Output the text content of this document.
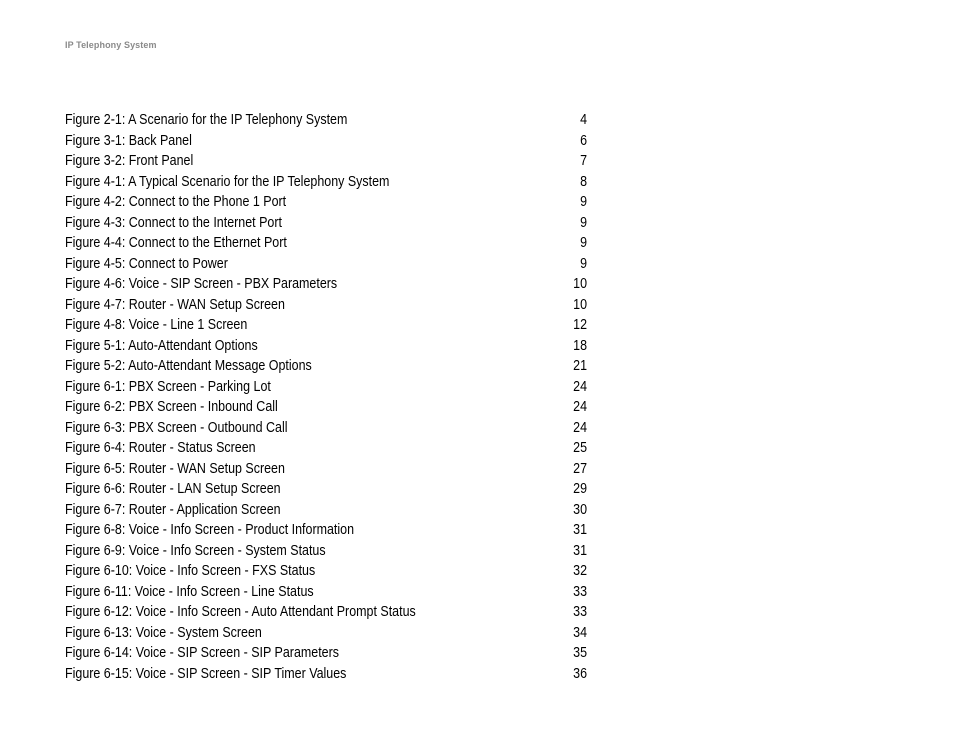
IP Telephony System
Figure 2-1: A Scenario for the IP Telephony System	4
Figure 3-1: Back Panel	6
Figure 3-2: Front Panel	7
Figure 4-1: A Typical Scenario for the IP Telephony System	8
Figure 4-2: Connect to the Phone 1 Port	9
Figure 4-3: Connect to the Internet Port	9
Figure 4-4: Connect to the Ethernet Port	9
Figure 4-5: Connect to Power	9
Figure 4-6: Voice - SIP Screen - PBX Parameters	10
Figure 4-7: Router - WAN Setup Screen	10
Figure 4-8: Voice - Line 1 Screen	12
Figure 5-1: Auto-Attendant Options	18
Figure 5-2: Auto-Attendant Message Options	21
Figure 6-1: PBX Screen - Parking Lot	24
Figure 6-2: PBX Screen - Inbound Call	24
Figure 6-3: PBX Screen - Outbound Call	24
Figure 6-4: Router - Status Screen	25
Figure 6-5: Router - WAN Setup Screen	27
Figure 6-6: Router - LAN Setup Screen	29
Figure 6-7: Router - Application Screen	30
Figure 6-8: Voice - Info Screen - Product Information	31
Figure 6-9: Voice - Info Screen - System Status	31
Figure 6-10: Voice - Info Screen - FXS Status	32
Figure 6-11: Voice - Info Screen - Line Status	33
Figure 6-12: Voice - Info Screen - Auto Attendant Prompt Status	33
Figure 6-13: Voice - System Screen	34
Figure 6-14: Voice - SIP Screen - SIP Parameters	35
Figure 6-15: Voice - SIP Screen - SIP Timer Values	36
